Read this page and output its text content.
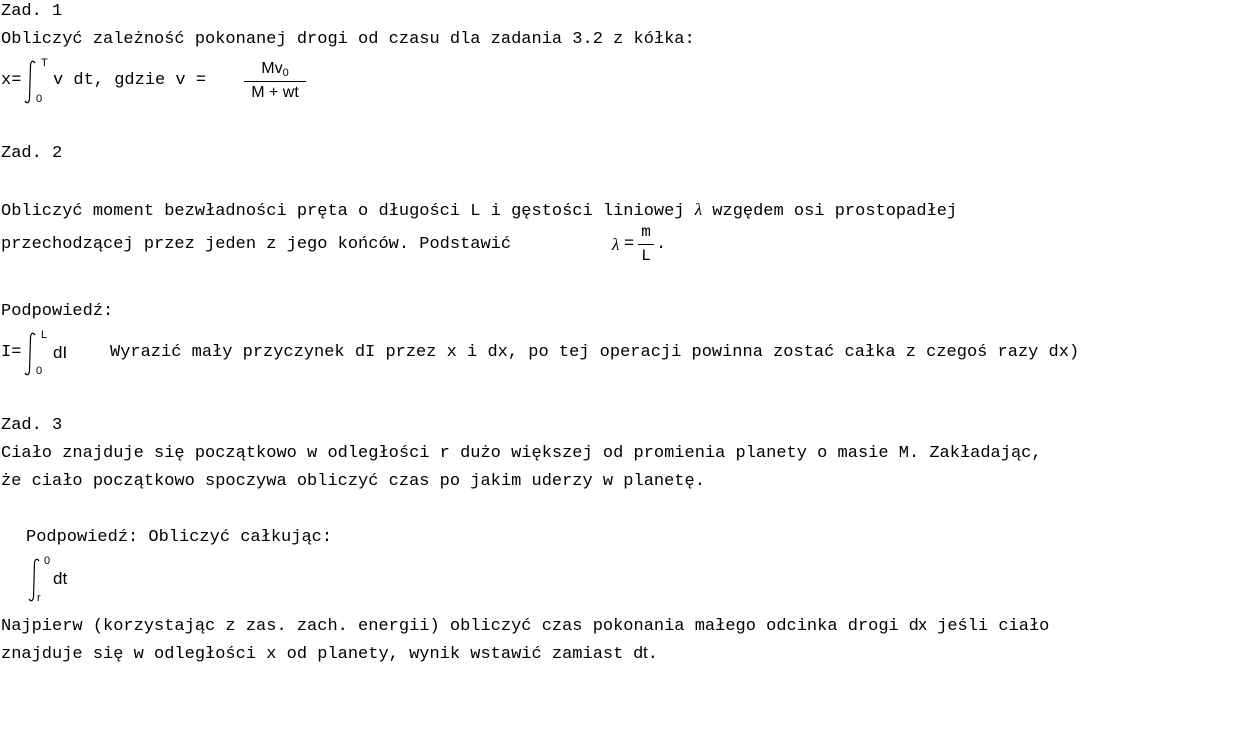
Zad. 1
Obliczyć zależność pokonanej drogi od czasu dla zadania 3.2 z kółka:
x=
T
0
v dt, gdzie v =
$Mv_0$
M + wt
Zad. 2
Obliczyć moment bezwładności pręta o długości L i gęstości liniowej λ wzgędem osi prostopadłej
przechodzącej przez jeden z jego końców. Podstawić	λ =
m
L
.
Podpowiedź:
I=
L
0
dI	Wyrazić mały przyczynek dI przez x i dx, po tej operacji powinna zostać całka z czegoś razy dx)
Zad. 3
Ciało znajduje się początkowo w odległości r dużo większej od promienia planety o masie M. Zakładając,
że ciało początkowo spoczywa obliczyć czas po jakim uderzy w planetę.
Podpowiedź: Obliczyć całkując:
0
r
dt
Najpierw (korzystając z zas. zach. energii) obliczyć czas pokonania małego odcinka drogi dx jeśli ciało
znajduje się w odległości x od planety, wynik wstawić zamiast dt.
